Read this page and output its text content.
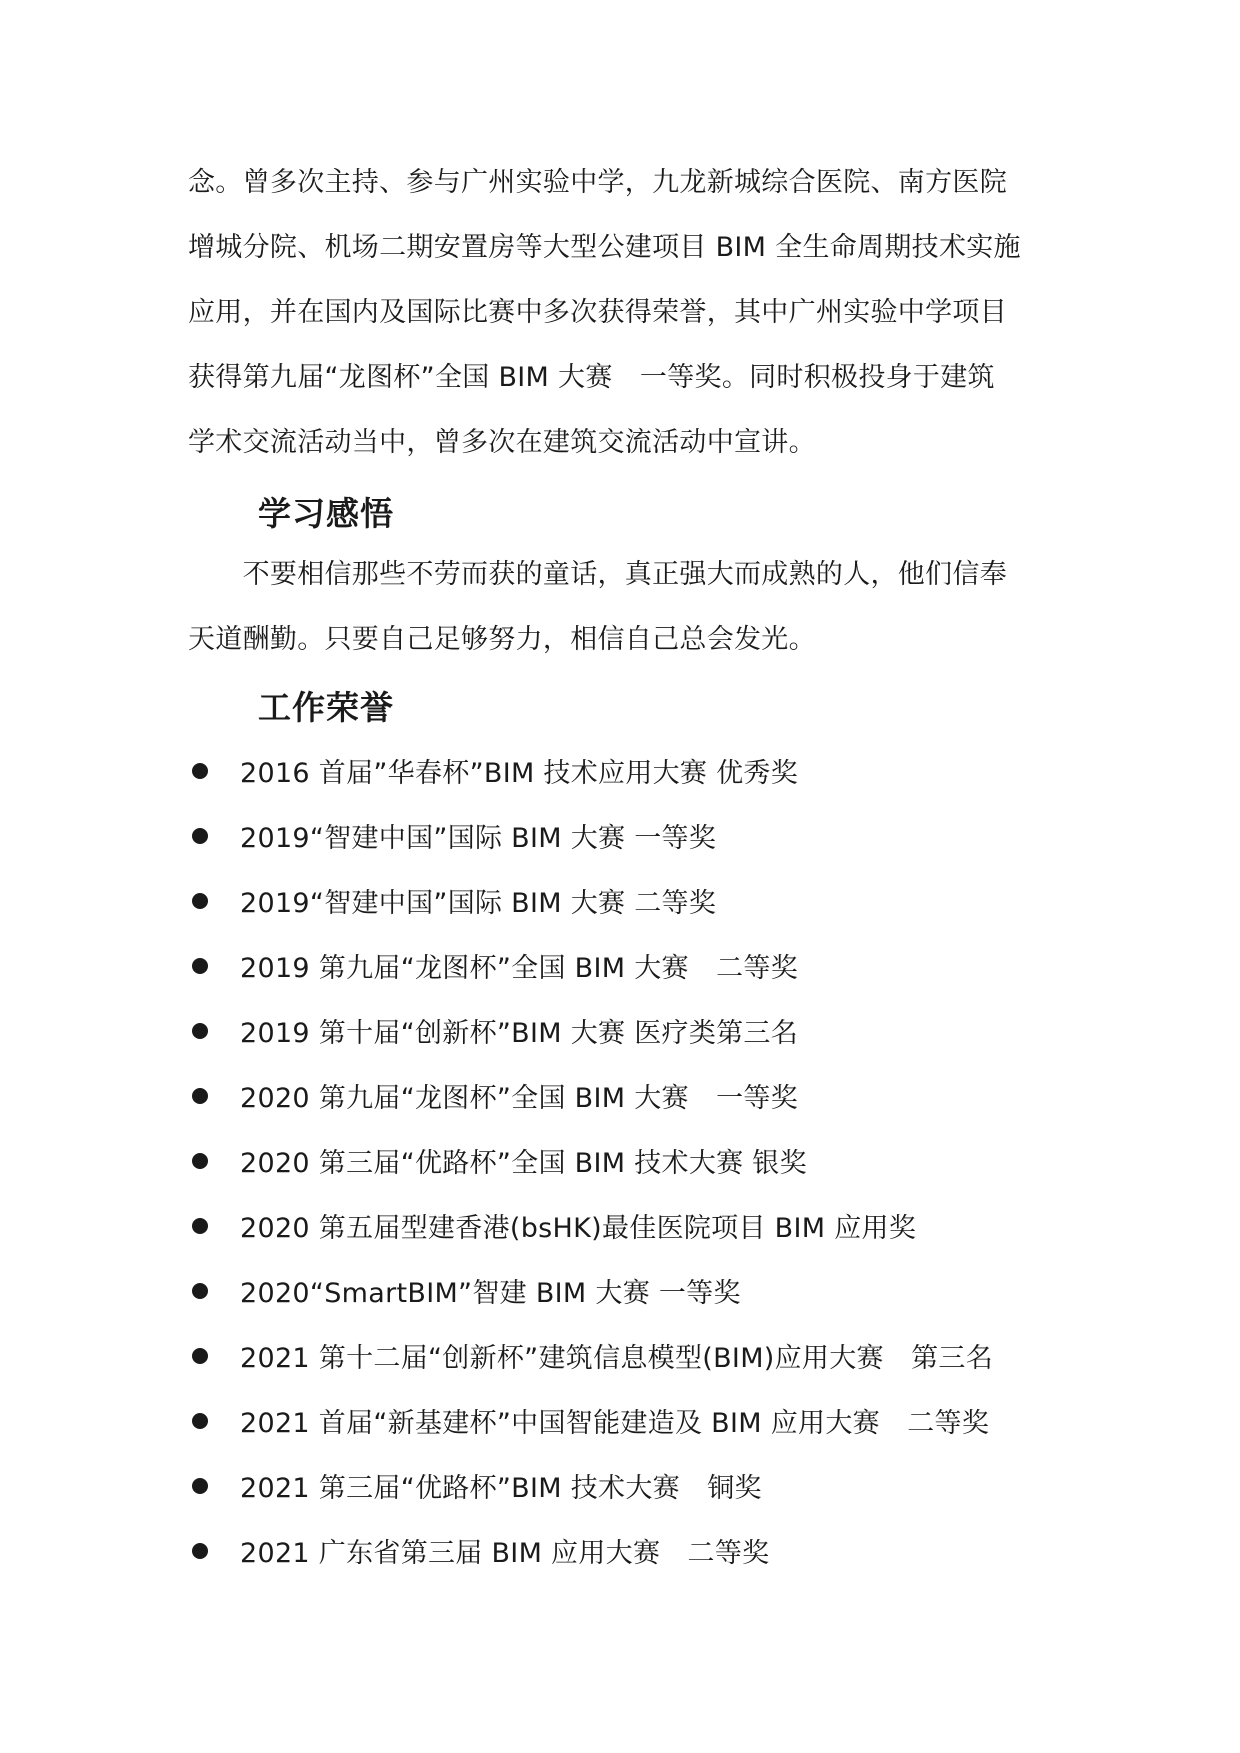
念。曾多次主持、参与广州实验中学，九龙新城综合医院、南方医院
增城分院、机场二期安置房等大型公建项目 BIM 全生命周期技术实施
应用，并在国内及国际比赛中多次获得荣誉，其中广州实验中学项目
获得第九届“龙图杯”全国 BIM 大赛　一等奖。同时积极投身于建筑
学术交流活动当中，曾多次在建筑交流活动中宣讲。

学习感悟

　　不要相信那些不劳而获的童话，真正强大而成熟的人，他们信奉
天道酬勤。只要自己足够努力，相信自己总会发光。

工作荣誉
2016 首届”华春杯”BIM 技术应用大赛 优秀奖
2019“智建中国”国际 BIM 大赛 一等奖
2019“智建中国”国际 BIM 大赛 二等奖
2019 第九届“龙图杯”全国 BIM 大赛　二等奖
2019 第十届“创新杯”BIM 大赛 医疗类第三名
2020 第九届“龙图杯”全国 BIM 大赛　一等奖
2020 第三届“优路杯”全国 BIM 技术大赛 银奖
2020 第五届型建香港(bsHK)最佳医院项目 BIM 应用奖
2020“SmartBIM”智建 BIM 大赛 一等奖
2021 第十二届“创新杯”建筑信息模型(BIM)应用大赛　第三名
2021 首届“新基建杯”中国智能建造及 BIM 应用大赛　二等奖
2021 第三届“优路杯”BIM 技术大赛　铜奖
2021 广东省第三届 BIM 应用大赛　二等奖
